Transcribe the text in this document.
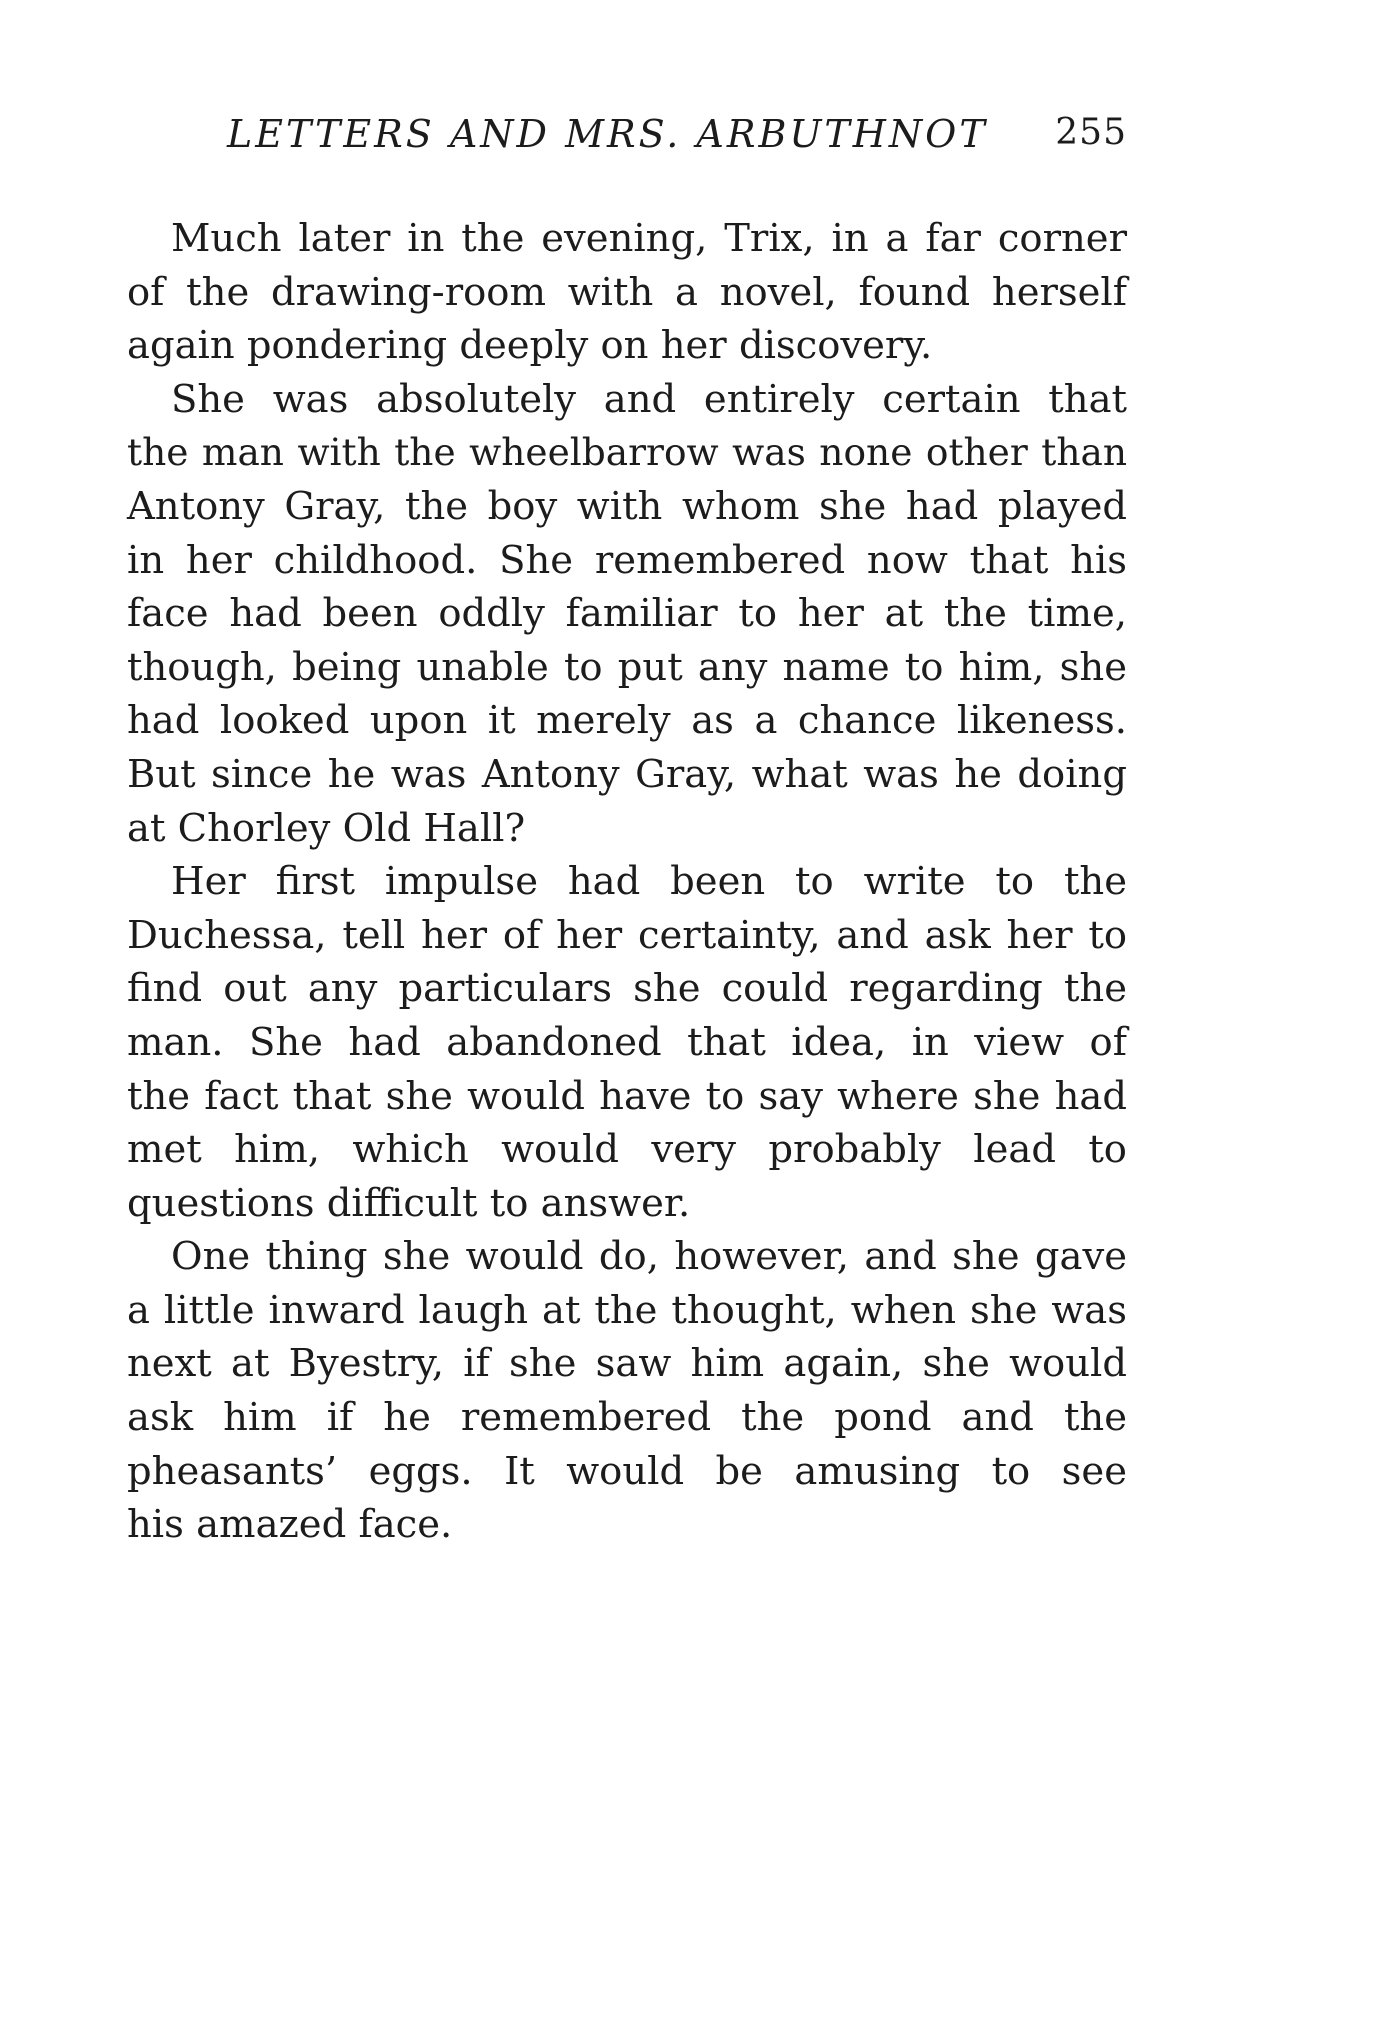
LETTERS AND MRS. ARBUTHNOT 255
Much later in the evening, Trix, in a far corner
of the drawing-room with a novel, found herself
again pondering deeply on her discovery.
She was absolutely and entirely certain that
the man with the wheelbarrow was none other than
Antony Gray, the boy with whom she had played
in her childhood. She remembered now that his
face had been oddly familiar to her at the time,
though, being unable to put any name to him, she
had looked upon it merely as a chance likeness.
But since he was Antony Gray, what was he doing
at Chorley Old Hall?
Her first impulse had been to write to the
Duchessa, tell her of her certainty, and ask her to
find out any particulars she could regarding the
man. She had abandoned that idea, in view of
the fact that she would have to say where she had
met him, which would very probably lead to
questions difficult to answer.
One thing she would do, however, and she gave
a little inward laugh at the thought, when she was
next at Byestry, if she saw him again, she would
ask him if he remembered the pond and the
pheasants’ eggs. It would be amusing to see
his amazed face.
